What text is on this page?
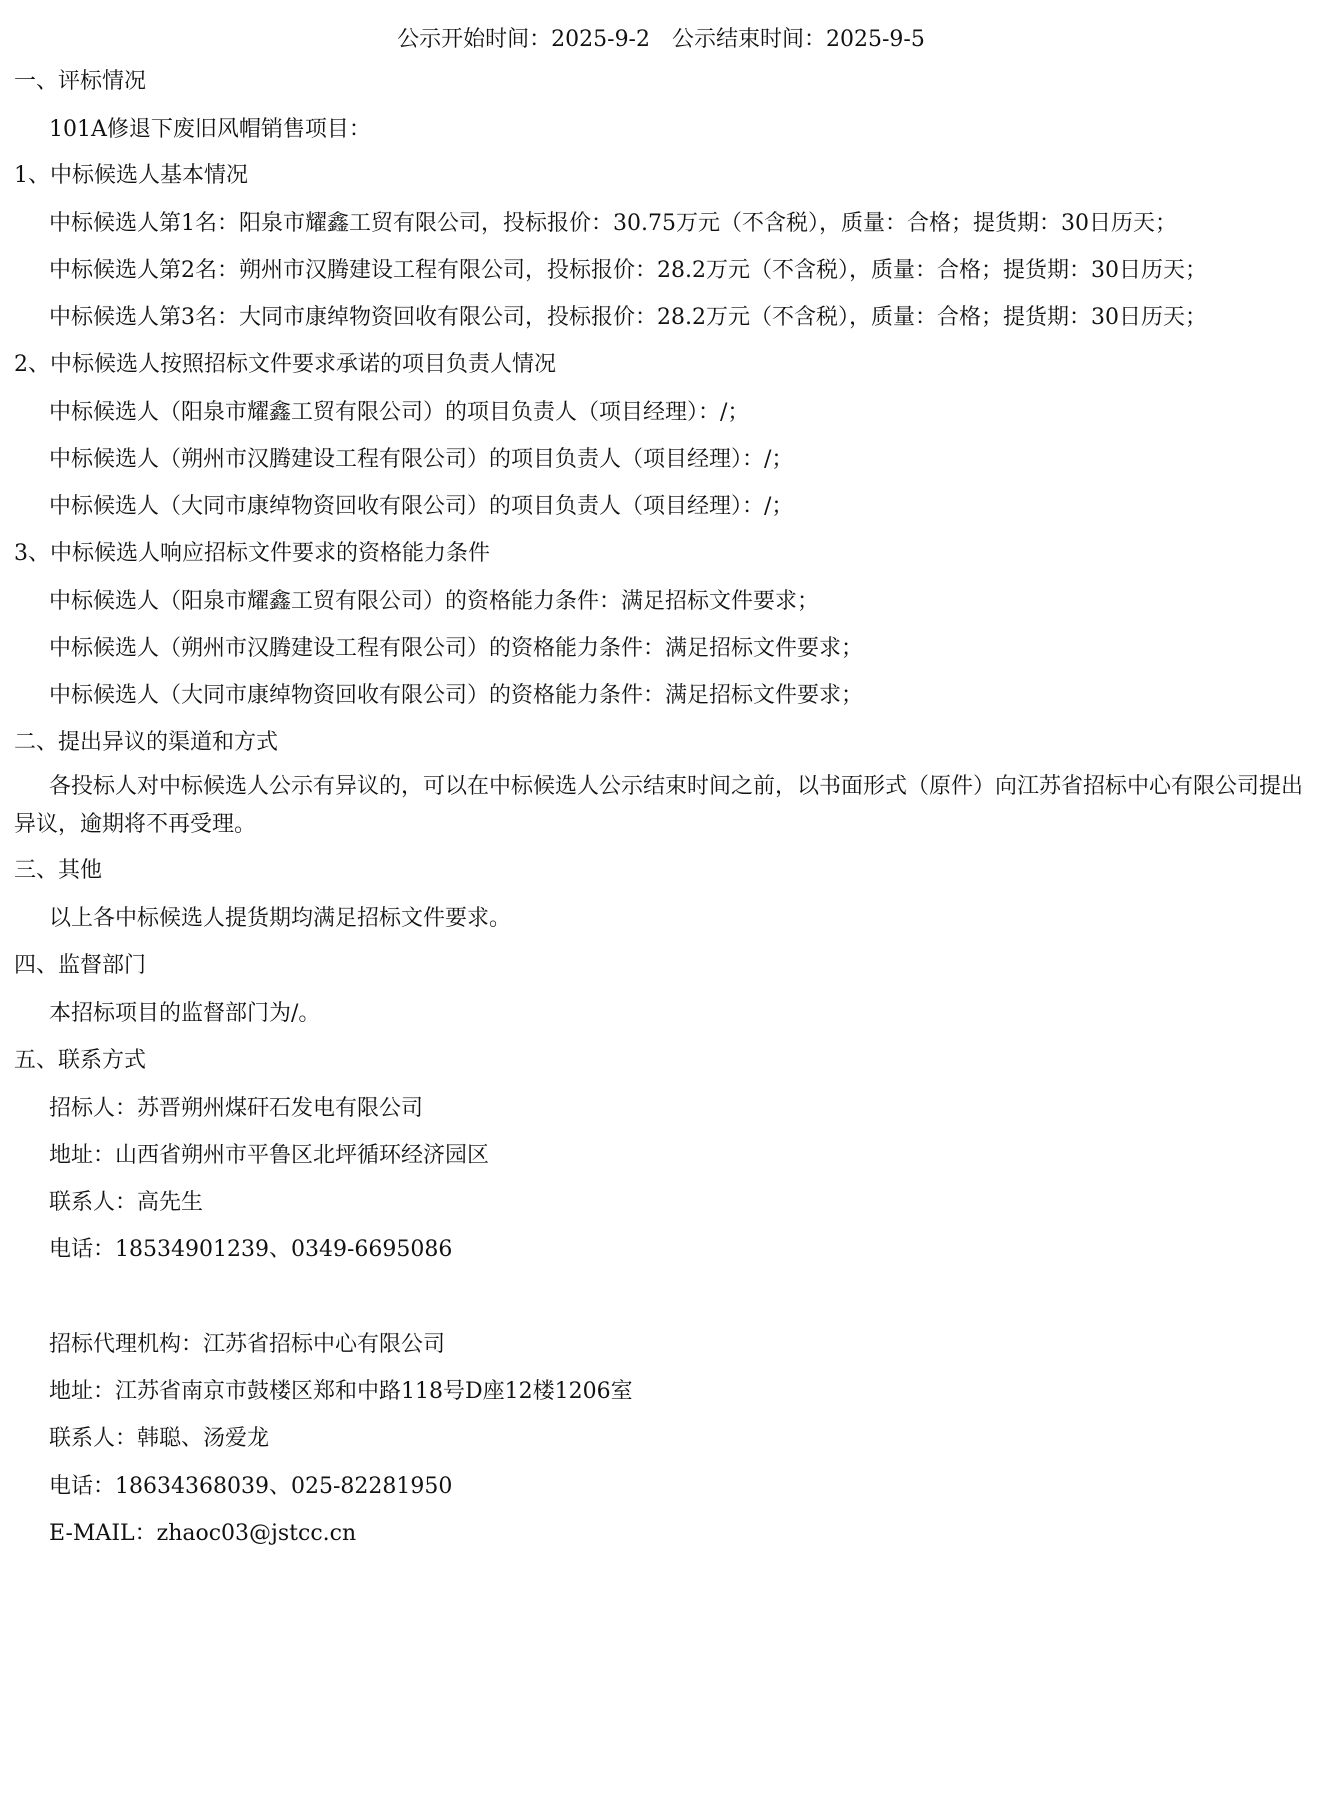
公示开始时间：2025-9-2 公示结束时间：2025-9-5
一、评标情况
101A修退下废旧风帽销售项目：
1、中标候选人基本情况
中标候选人第1名：阳泉市耀鑫工贸有限公司，投标报价：30.75万元（不含税），质量：合格；提货期：30日历天；
中标候选人第2名：朔州市汉腾建设工程有限公司，投标报价：28.2万元（不含税），质量：合格；提货期：30日历天；
中标候选人第3名：大同市康绰物资回收有限公司，投标报价：28.2万元（不含税），质量：合格；提货期：30日历天；
2、中标候选人按照招标文件要求承诺的项目负责人情况
中标候选人（阳泉市耀鑫工贸有限公司）的项目负责人（项目经理）：/；
中标候选人（朔州市汉腾建设工程有限公司）的项目负责人（项目经理）：/；
中标候选人（大同市康绰物资回收有限公司）的项目负责人（项目经理）：/；
3、中标候选人响应招标文件要求的资格能力条件
中标候选人（阳泉市耀鑫工贸有限公司）的资格能力条件：满足招标文件要求；
中标候选人（朔州市汉腾建设工程有限公司）的资格能力条件：满足招标文件要求；
中标候选人（大同市康绰物资回收有限公司）的资格能力条件：满足招标文件要求；
二、提出异议的渠道和方式
各投标人对中标候选人公示有异议的，可以在中标候选人公示结束时间之前，以书面形式（原件）向江苏省招标中心有限公司提出异议，逾期将不再受理。
三、其他
以上各中标候选人提货期均满足招标文件要求。
四、监督部门
本招标项目的监督部门为/。
五、联系方式
招标人：苏晋朔州煤矸石发电有限公司
地址：山西省朔州市平鲁区北坪循环经济园区
联系人：高先生
电话：18534901239、0349-6695086
招标代理机构：江苏省招标中心有限公司
地址：江苏省南京市鼓楼区郑和中路118号D座12楼1206室
联系人：韩聪、汤爱龙
电话：18634368039、025-82281950
E-MAIL：zhaoc03@jstcc.cn
